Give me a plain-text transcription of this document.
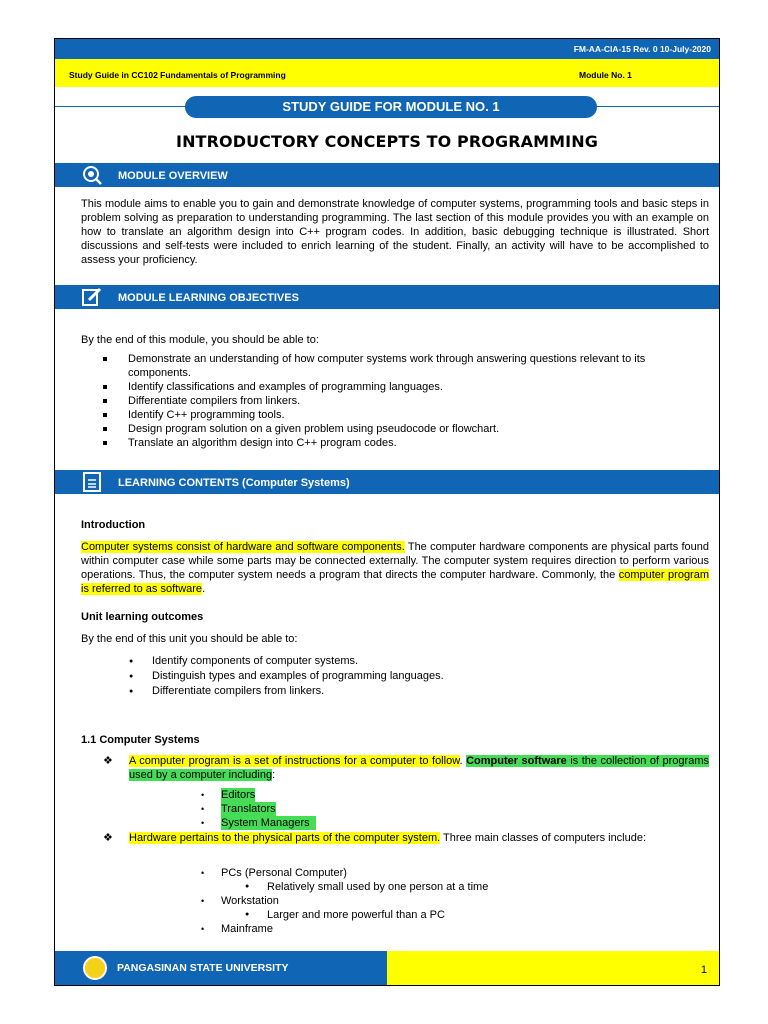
FM-AA-CIA-15 Rev. 0 10-July-2020
Study Guide in CC102 Fundamentals of Programming	Module No. 1
STUDY GUIDE FOR MODULE NO. 1
INTRODUCTORY CONCEPTS TO PROGRAMMING
MODULE OVERVIEW

This module aims to enable you to gain and demonstrate knowledge of computer systems, programming tools and basic steps in problem solving as preparation to understanding programming. The last section of this module provides you with an example on how to translate an algorithm design into C++ program codes. In addition, basic debugging technique is illustrated. Short discussions and self-tests were included to enrich learning of the student. Finally, an activity will have to be accomplished to assess your proficiency.

MODULE LEARNING OBJECTIVES

By the end of this module, you should be able to:

Demonstrate an understanding of how computer systems work through answering questions relevant to its components.
Identify classifications and examples of programming languages.
Differentiate compilers from linkers.
Identify C++ programming tools.
Design program solution on a given problem using pseudocode or flowchart.
Translate an algorithm design into C++ program codes.
LEARNING CONTENTS (Computer Systems)
Introduction

Computer systems consist of hardware and software components. The computer hardware components are physical parts found within computer case while some parts may be connected externally. The computer system requires direction to perform various operations. Thus, the computer system needs a program that directs the computer hardware. Commonly, the computer program is referred to as software.

Unit learning outcomes

By the end of this unit you should be able to:

● Identify components of computer systems.
● Distinguish types and examples of programming languages.
● Differentiate compilers from linkers.
1.1 Computer Systems
❖ A computer program is a set of instructions for a computer to follow. Computer software is the collection of programs used by a computer including:

• Editors
• Translators
• System Managers
❖ Hardware pertains to the physical parts of the computer system. Three main classes of computers include:

• PCs (Personal Computer)
● Relatively small used by one person at a time
• Workstation
● Larger and more powerful than a PC
• Mainframe
PANGASINAN STATE UNIVERSITY	1
